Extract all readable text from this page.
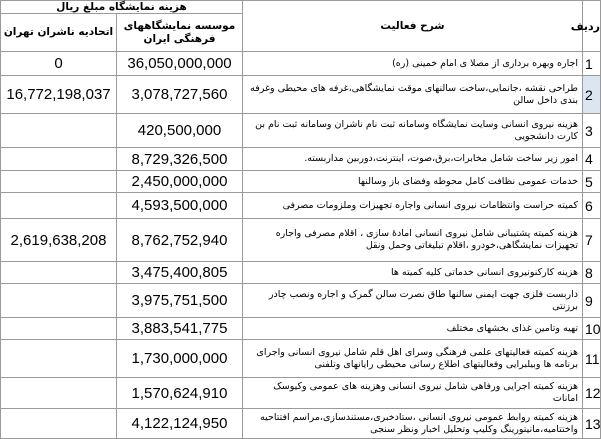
هزینه نمایشگاه مبلغ ریال		شرح فعالیت	ردیف
اتحادیه ناشران تهران	موسسه نمایشگاههای فرهنگی ایران		
0	36,050,000,000	اجاره وبهره برداری از مصلا ی امام خمینی (ره)	1
16,772,198,037	3,078,727,560	طراحی نقشه ،جانمایی،ساخت سالنهای موقت نمایشگاهی،غرفه های محیطی وغرفه بندی داخل سالن	2
	420,500,000	هزینه نیروی انسانی وسایت نمایشگاه وسامانه ثبت نام ناشران وسامانه ثبت نام بن کارت دانشجویی	3
	8,729,326,500	امور زیر ساخت شامل مخابرات،برق،صوت، اینترنت،دوربین مداربسته.	4
	2,450,000,000	خدمات عمومی نظافت کامل محوطه وفضای باز وسالنها	5
	4,593,500,000	کمیته حراست وانتظامات نیروی انسانی واجاره تجهیزات وملزومات مصرفی	6
2,619,638,208	8,762,752,940	هزینه کمیته پشتیبانی شامل نیروی انسانی امادهٔ سازی ، اقلام مصرفی واجاره تجهیزات نمایشگاهی،خودرو ،اقلام تبلیغاتی وحمل ونقل	7
	3,475,400,805	هزینه کارکنونیروی انسانی خدماتی کلیه کمیته ها	8
	3,975,751,500	داربست فلزی جهت ایمنی سالنها طاق نصرت سالن گمرک و اجاره ونصب چادر برزنتی	9
	3,883,541,775	تهیه وتامین غذای بخشهای مختلف	10
	1,730,000,000	هزینه کمیته فعالیتهای علمی فرهنگی وسرای اهل قلم شامل نیروی انسانی واجرای برنامه ها وبیلبرایی وفعالیتهای اطلاع رسانی محیطی رایانهای وتلفنی	11
	1,570,624,910	هزینه کمیته اجرایی ورفاهی شامل نیروی انسانی وهزینه های عمومی وکیوسک امانات	12
	4,122,124,950	هزینه کمیته روابط عمومی نیروی انسانی ،ستادخبری،مستندسازی،مراسم افتتاحیه واختتامیه،مانیتورینگ وکلیپ وتحلیل اخبار ونظر سنجی	13
